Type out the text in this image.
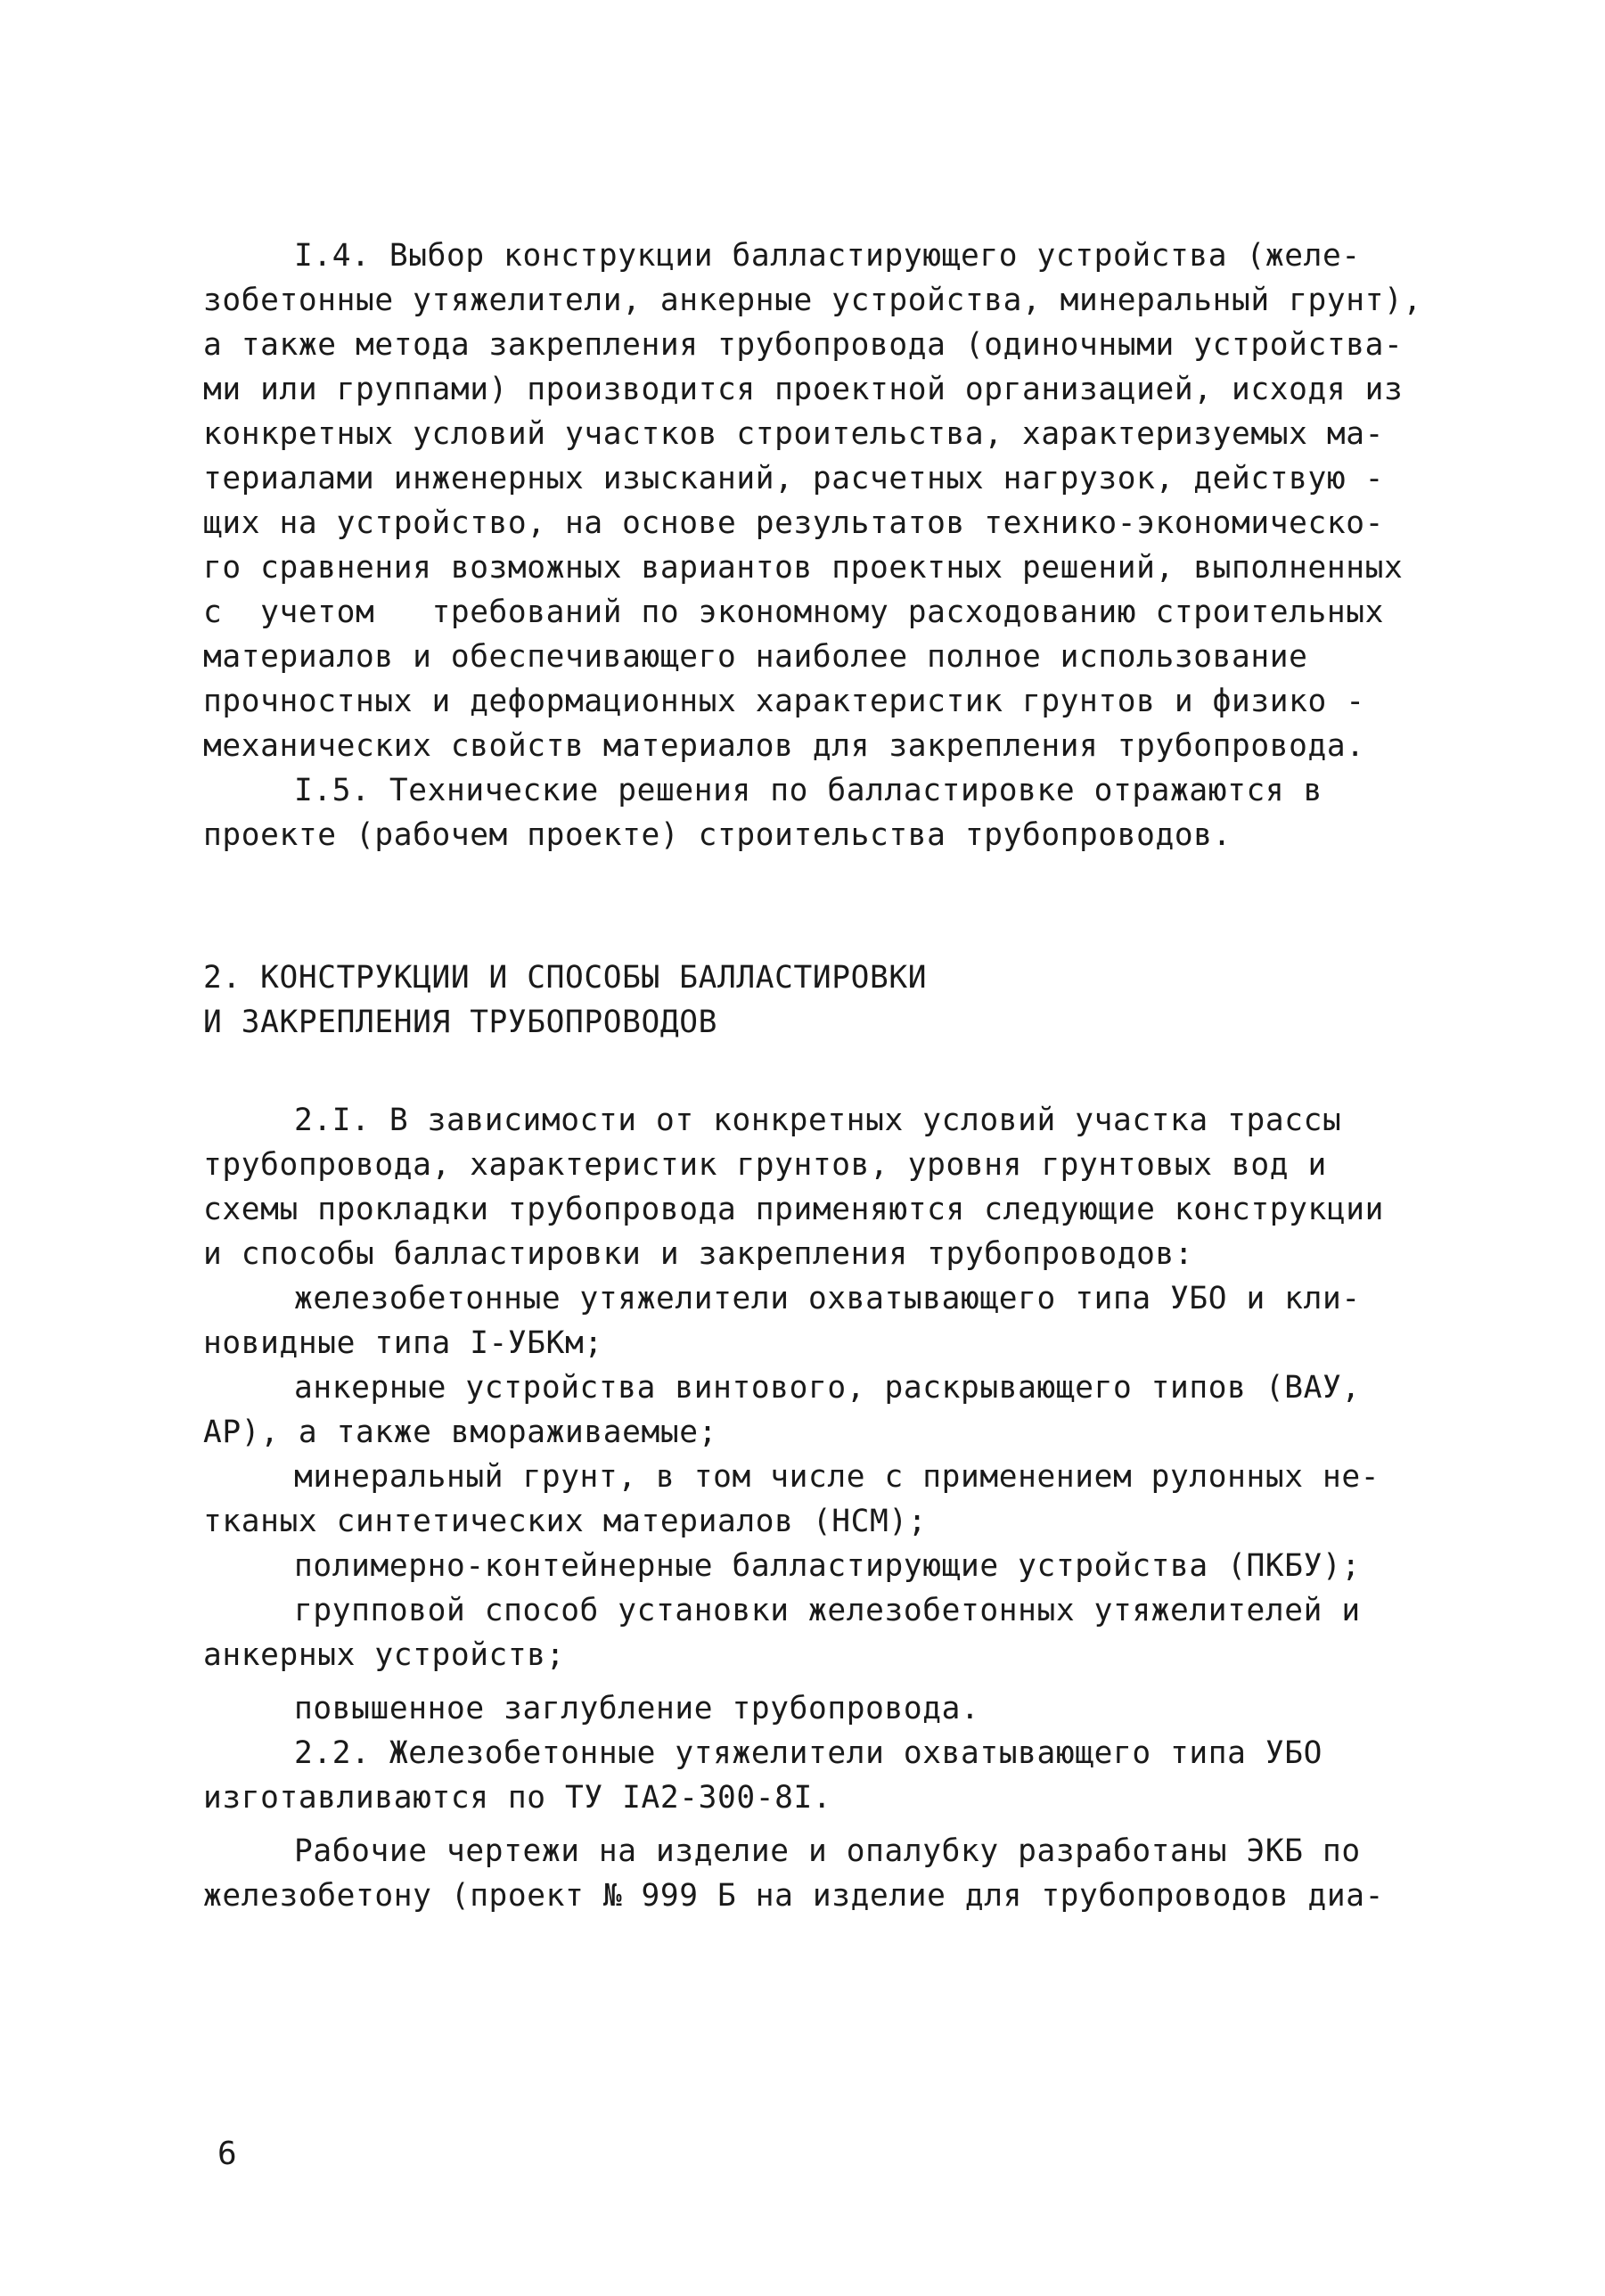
І.4. Выбор конструкции балластирующего устройства (желе-
зобетонные утяжелители, анкерные устройства, минеральный грунт),
а также метода закрепления трубопровода (одиночными устройства-
ми или группами) производится проектной организацией, исходя из
конкретных условий участков строительства, характеризуемых ма-
териалами инженерных изысканий, расчетных нагрузок, действую -
щих на устройство, на основе результатов технико-экономическо-
го сравнения возможных вариантов проектных решений, выполненных
с  учетом   требований по экономному расходованию строительных
материалов и обеспечивающего наиболее полное использование
прочностных и деформационных характеристик грунтов и физико -
механических свойств материалов для закрепления трубопровода.
І.5. Технические решения по балластировке отражаются в
проекте (рабочем проекте) строительства трубопроводов.
2. КОНСТРУКЦИИ И СПОСОБЫ БАЛЛАСТИРОВКИ
И ЗАКРЕПЛЕНИЯ ТРУБОПРОВОДОВ
2.І. В зависимости от конкретных условий участка трассы
трубопровода, характеристик грунтов, уровня грунтовых вод и
схемы прокладки трубопровода применяются следующие конструкции
и способы балластировки и закрепления трубопроводов:
железобетонные утяжелители охватывающего типа УБО и кли-
новидные типа І-УБКм;
анкерные устройства винтового, раскрывающего типов (ВАУ,
АР), а также вмораживаемые;
минеральный грунт, в том числе с применением рулонных не-
тканых синтетических материалов (НСМ);
полимерно-контейнерные балластирующие устройства (ПКБУ);
групповой способ установки железобетонных утяжелителей и
анкерных устройств;
повышенное заглубление трубопровода.
2.2. Железобетонные утяжелители охватывающего типа УБО
изготавливаются по ТУ ІА2-300-8І.
Рабочие чертежи на изделие и опалубку разработаны ЭКБ по
железобетону (проект № 999 Б на изделие для трубопроводов диа-
6
